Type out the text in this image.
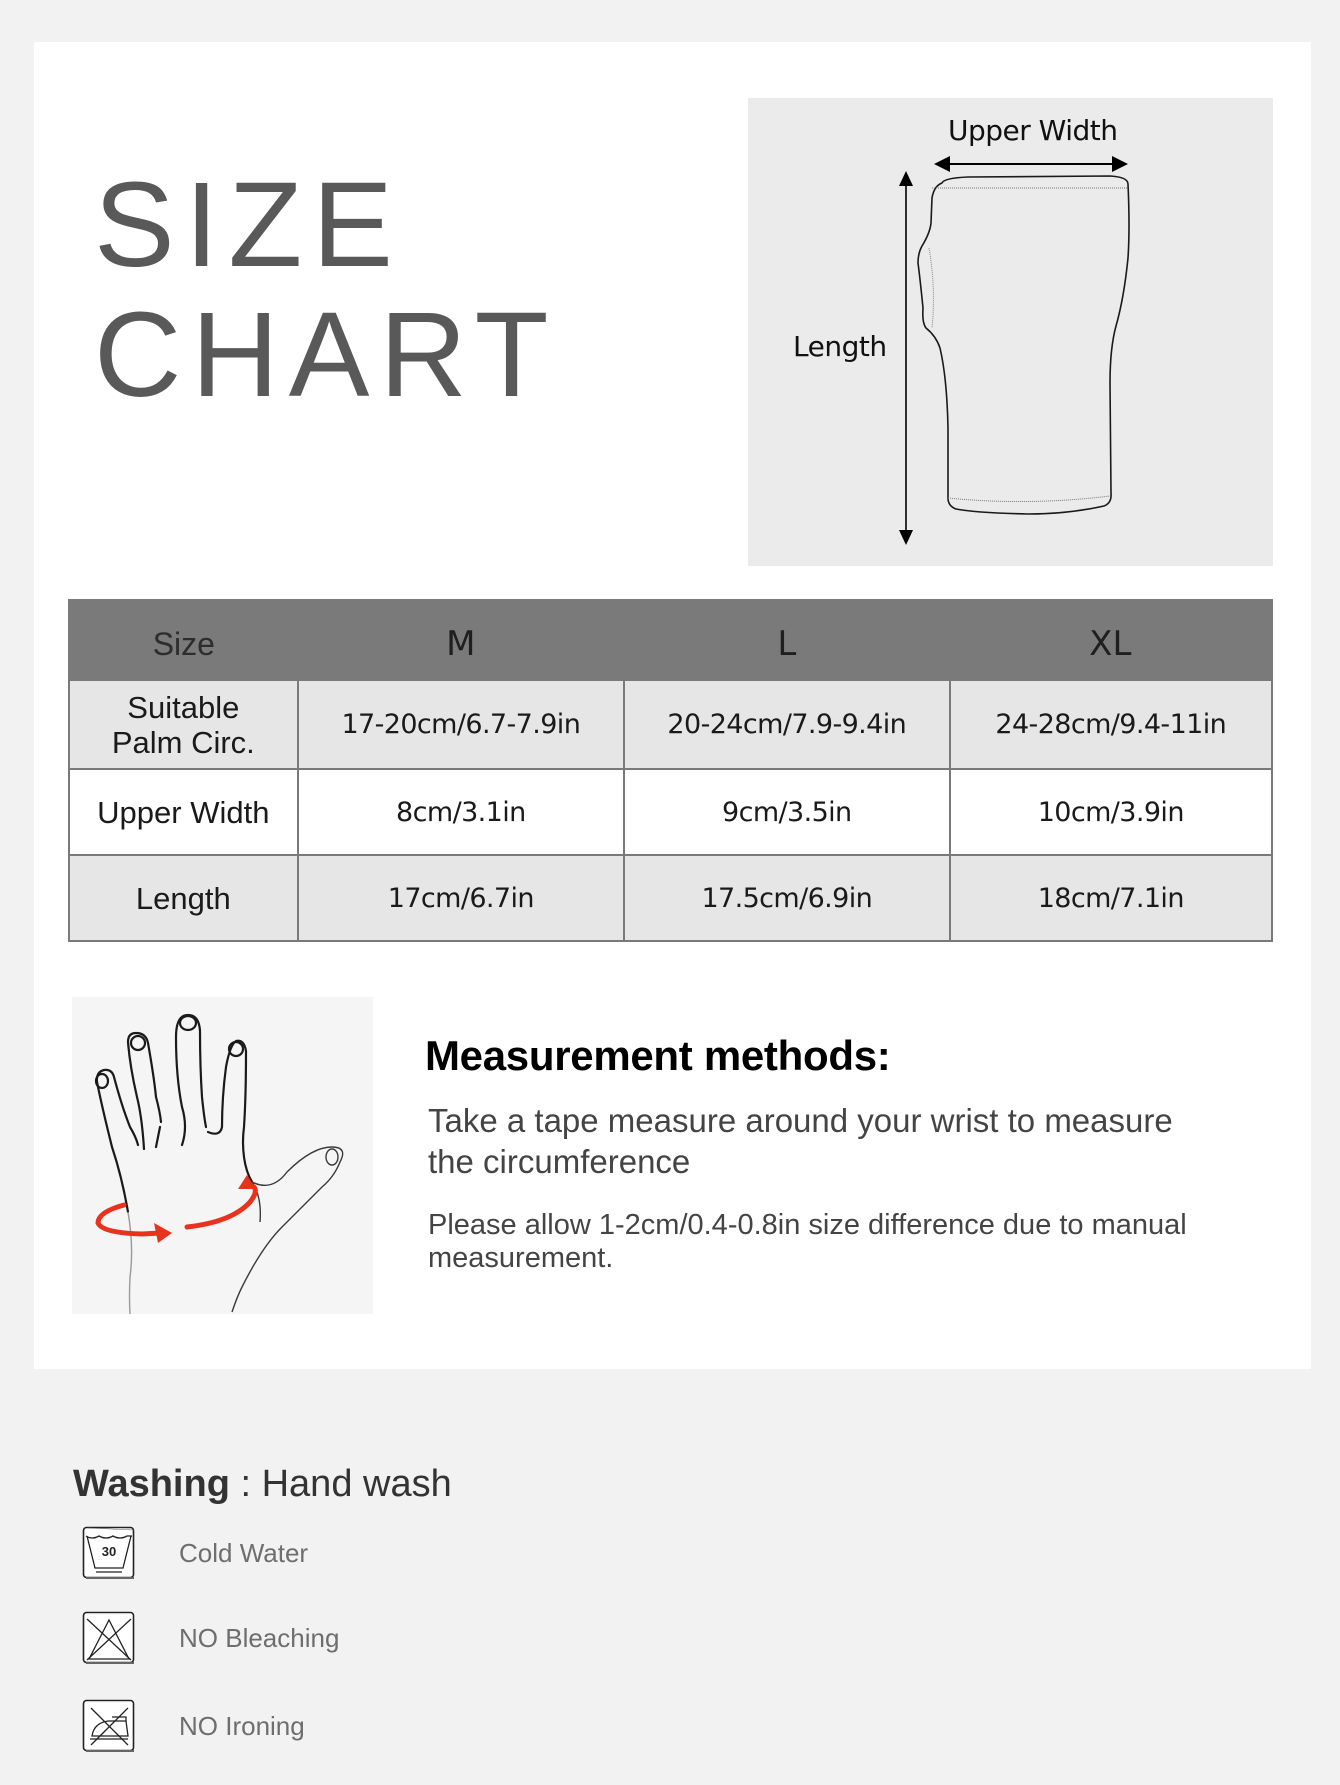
SIZE
CHART
Upper Width
Length
Size	M	L	XL
Suitable
Palm Circ.	17-20cm/6.7-7.9in	20-24cm/7.9-9.4in	24-28cm/9.4-11in
Upper Width	8cm/3.1in	9cm/3.5in	10cm/3.9in
Length	17cm/6.7in	17.5cm/6.9in	18cm/7.1in
Measurement methods:
Take a tape measure around your wrist to measure the circumference
Please allow 1-2cm/0.4-0.8in size difference due to manual measurement.
Washing : Hand wash
30 Cold Water
NO Bleaching
NO Ironing
